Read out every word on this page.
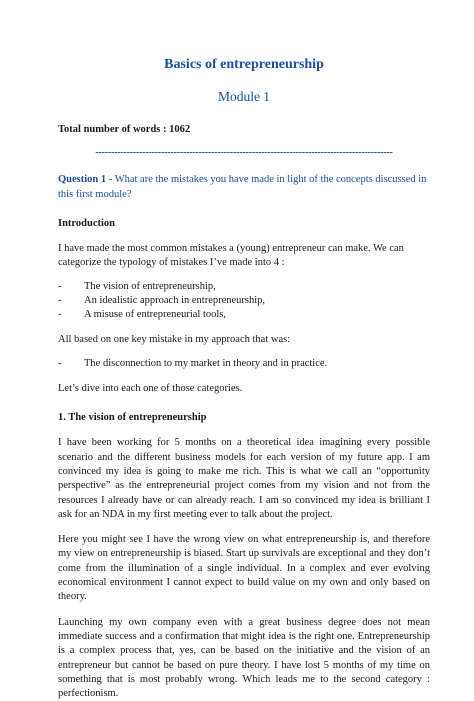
Basics of entrepreneurship
Module 1
Total number of words : 1062
-----------------------------------------------------------------------------------------------
Question 1 - What are the mistakes you have made in light of the concepts discussed in this first module?
Introduction

I have made the most common mistakes a (young) entrepreneur can make. We can categorize the typology of mistakes I’ve made into 4 :

- The vision of entrepreneurship,
- An idealistic approach in entrepreneurship,
- A misuse of entrepreneurial tools,

All based on one key mistake in my approach that was:

- The disconnection to my market in theory and in practice.

Let’s dive into each one of those categories.

1. The vision of entrepreneurship

I have been working for 5 months on a theoretical idea imagining every possible scenario and the different business models for each version of my future app. I am convinced my idea is going to make me rich. This is what we call an “opportunity perspective” as the entrepreneurial project comes from my vision and not from the resources I already have or can already reach. I am so convinced my idea is brilliant I ask for an NDA in my first meeting ever to talk about the project.

Here you might see I have the wrong view on what entrepreneurship is, and therefore my view on entrepreneurship is biased. Start up survivals are exceptional and they don’t come from the illumination of a single individual. In a complex and ever evolving economical environment I cannot expect to build value on my own and only based on theory.

Launching my own company even with a great business degree does not mean immediate success and a confirmation that might idea is the right one. Entrepreneurship is a complex process that, yes, can be based on the initiative and the vision of an entrepreneur but cannot be based on pure theory. I have lost 5 months of my time on something that is most probably wrong. Which leads me to the second category : perfectionism.
